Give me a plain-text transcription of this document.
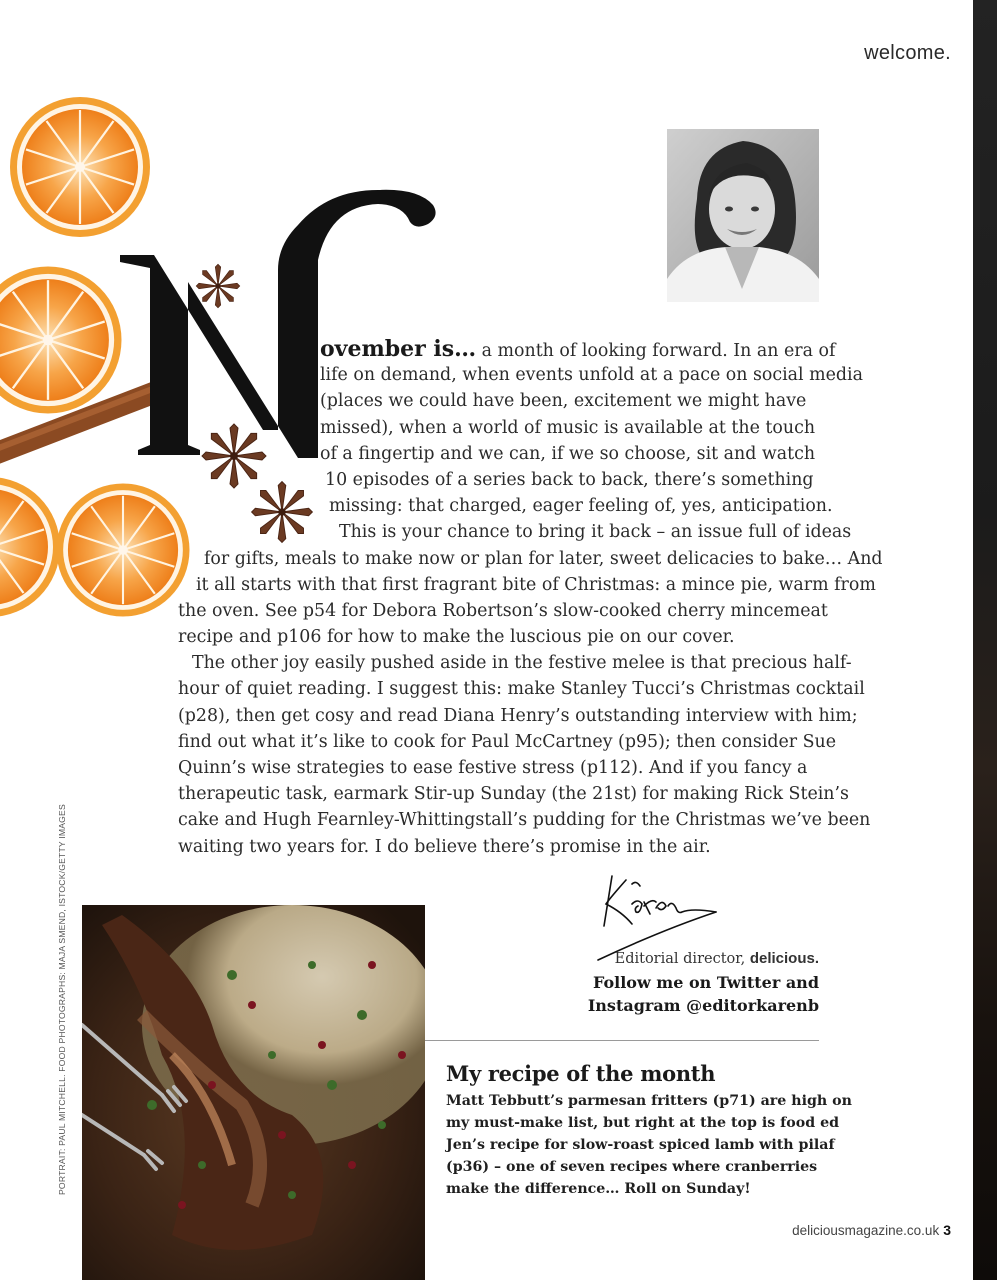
welcome.
N
ovember is… a month of looking forward. In an era of
life on demand, when events unfold at a pace on social media
(places we could have been, excitement we might have
missed), when a world of music is available at the touch
of a fingertip and we can, if we so choose, sit and watch
10 episodes of a series back to back, there’s something
missing: that charged, eager feeling of, yes, anticipation.
This is your chance to bring it back – an issue full of ideas
for gifts, meals to make now or plan for later, sweet delicacies to bake… And
it all starts with that first fragrant bite of Christmas: a mince pie, warm from
the oven. See p54 for Debora Robertson’s slow-cooked cherry mincemeat
recipe and p106 for how to make the luscious pie on our cover.
The other joy easily pushed aside in the festive melee is that precious half-
hour of quiet reading. I suggest this: make Stanley Tucci’s Christmas cocktail
(p28), then get cosy and read Diana Henry’s outstanding interview with him;
find out what it’s like to cook for Paul McCartney (p95); then consider Sue
Quinn’s wise strategies to ease festive stress (p112). And if you fancy a
therapeutic task, earmark Stir-up Sunday (the 21st) for making Rick Stein’s
cake and Hugh Fearnley-Whittingstall’s pudding for the Christmas we’ve been
waiting two years for. I do believe there’s promise in the air.
Editorial director, delicious.
Follow me on Twitter and
Instagram @editorkarenb
PORTRAIT: PAUL MITCHELL. FOOD PHOTOGRAPHS: MAJA SMEND, ISTOCK/GETTY IMAGES	My recipe of the month
Matt Tebbutt’s parmesan fritters (p71) are high on
my must-make list, but right at the top is food ed
Jen’s recipe for slow-roast spiced lamb with pilaf
(p36) – one of seven recipes where cranberries
make the difference… Roll on Sunday!
deliciousmagazine.co.uk 3
